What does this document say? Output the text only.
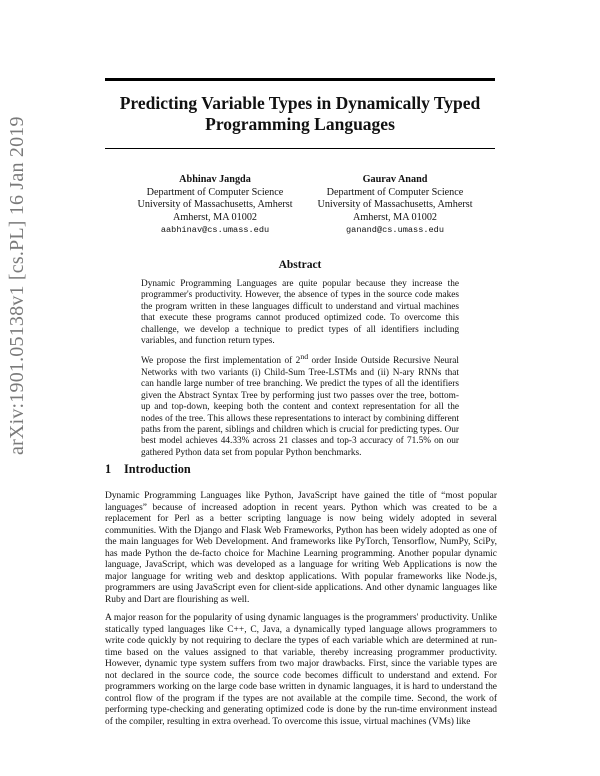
arXiv:1901.05138v1 [cs.PL] 16 Jan 2019
Predicting Variable Types in Dynamically Typed
Programming Languages
Abhinav Jangda
Department of Computer Science
University of Massachusetts, Amherst
Amherst, MA 01002
aabhinav@cs.umass.edu
Gaurav Anand
Department of Computer Science
University of Massachusetts, Amherst
Amherst, MA 01002
ganand@cs.umass.edu
Abstract

Dynamic Programming Languages are quite popular because they increase the programmer's productivity. However, the absence of types in the source code makes the program written in these languages difficult to understand and virtual machines that execute these programs cannot produced optimized code. To overcome this challenge, we develop a technique to predict types of all identifiers including variables, and function return types.

We propose the first implementation of 2nd order Inside Outside Recursive Neural Networks with two variants (i) Child-Sum Tree-LSTMs and (ii) N-ary RNNs that can handle large number of tree branching. We predict the types of all the identifiers given the Abstract Syntax Tree by performing just two passes over the tree, bottom-up and top-down, keeping both the content and context representation for all the nodes of the tree. This allows these representations to interact by combining different paths from the parent, siblings and children which is crucial for predicting types. Our best model achieves 44.33% across 21 classes and top-3 accuracy of 71.5% on our gathered Python data set from popular Python benchmarks.

1 Introduction

Dynamic Programming Languages like Python, JavaScript have gained the title of “most popular languages” because of increased adoption in recent years. Python which was created to be a replacement for Perl as a better scripting language is now being widely adopted in several communities. With the Django and Flask Web Frameworks, Python has been widely adopted as one of the main languages for Web Development. And frameworks like PyTorch, Tensorflow, NumPy, SciPy, has made Python the de-facto choice for Machine Learning programming. Another popular dynamic language, JavaScript, which was developed as a language for writing Web Applications is now the major language for writing web and desktop applications. With popular frameworks like Node.js, programmers are using JavaScript even for client-side applications. And other dynamic languages like Ruby and Dart are flourishing as well.

A major reason for the popularity of using dynamic languages is the programmers' productivity. Unlike statically typed languages like C++, C, Java, a dynamically typed language allows programmers to write code quickly by not requiring to declare the types of each variable which are determined at run-time based on the values assigned to that variable, thereby increasing programmer productivity. However, dynamic type system suffers from two major drawbacks. First, since the variable types are not declared in the source code, the source code becomes difficult to understand and extend. For programmers working on the large code base written in dynamic languages, it is hard to understand the control flow of the program if the types are not available at the compile time. Second, the work of performing type-checking and generating optimized code is done by the run-time environment instead of the compiler, resulting in extra overhead. To overcome this issue, virtual machines (VMs) like
